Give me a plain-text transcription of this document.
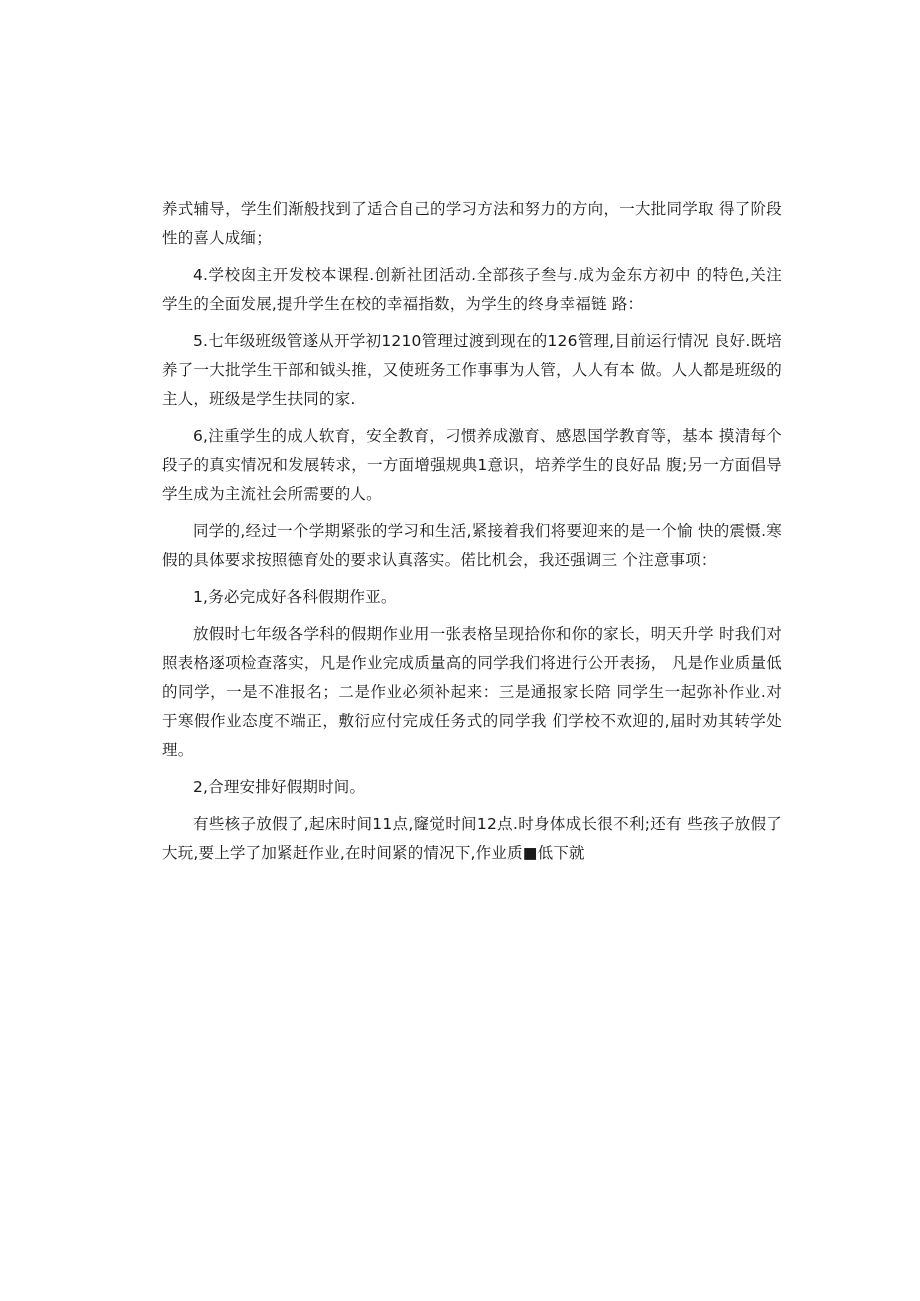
养式辅导，学生们渐般找到了适合自己的学习方法和努力的方向，一大批同学取 得了阶段性的喜人成缅；

4.学校囱主开发校本课程.创新社团活动.全部孩子叁与.成为金东方初中 的特色,关注学生的全面发展,提升学生在校的幸福指数，为学生的终身幸福链 路：

5.七年级班级管遂从开学初1210管理过渡到现在的126管理,目前运行情况 良好.既培养了一大批学生干部和钺头推，又使班务工作事事为人管，人人有本 做。人人都是班级的主人，班级是学生扶同的家.

6,注重学生的成人软育，安全教育，刁惯养成激育、感恩国学教育等，基本 摸清每个段子的真实情况和发展转求，一方面增强规典1意识，培养学生的良好品 腹;另一方面倡导学生成为主流社会所需要的人。

同学的,经过一个学期紧张的学习和生活,紧接着我们将要迎来的是一个愉 快的震慑.寒假的具体要求按照德育处的要求认真落实。偌比机会，我还强调三 个注意事项：

1,务必完成好各科假期作亚。

放假时七年级各学科的假期作业用一张表格呈现拾你和你的家长，明天升学 时我们对照表格逐项检查落实，凡是作业完成质量高的同学我们将进行公开表扬， 凡是作业质量低的同学，一是不准报名；二是作业必须补起来：三是通报家长陪 同学生一起弥补作业.对于寒假作业态度不端正，敷衍应付完成任务式的同学我 们学校不欢迎的,届时劝其转学处理。

2,合理安排好假期时间。

有些核子放假了,起床时间11点,窿觉时间12点.时身体成长很不利;还有 些孩子放假了大玩,要上学了加紧赶作业,在时间紧的情况下,作业质■低下就
